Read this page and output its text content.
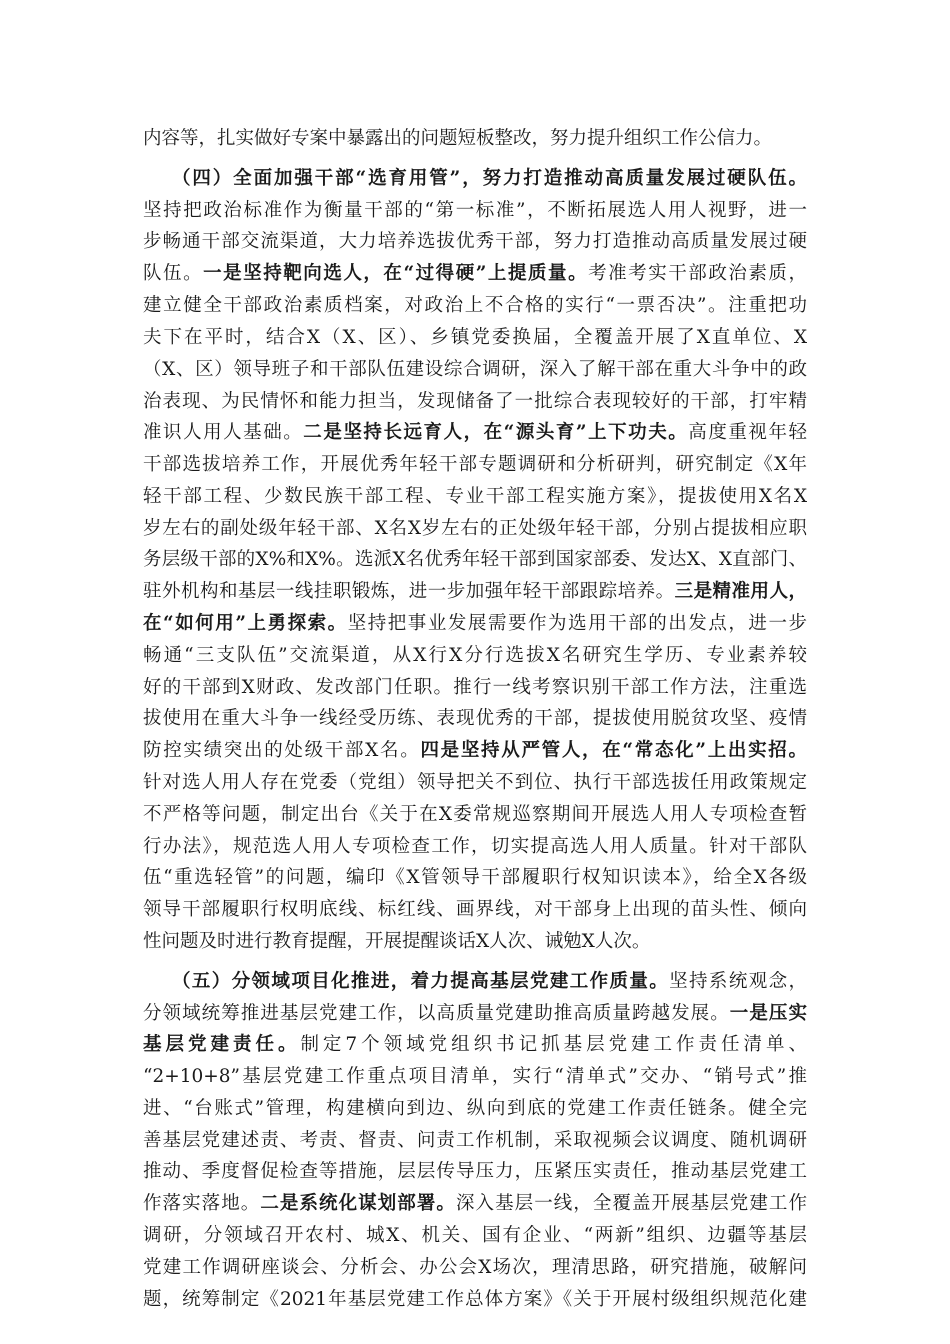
内容等，扎实做好专案中暴露出的问题短板整改，努力提升组织工作公信力。
（四）全面加强干部“选育用管”，努力打造推动高质量发展过硬队伍。
坚持把政治标准作为衡量干部的“第一标准”，不断拓展选人用人视野，进一
步畅通干部交流渠道，大力培养选拔优秀干部，努力打造推动高质量发展过硬
队伍。一是坚持靶向选人，在“过得硬”上提质量。考准考实干部政治素质，
建立健全干部政治素质档案，对政治上不合格的实行“一票否决”。注重把功
夫下在平时，结合X（X、区）、乡镇党委换届，全覆盖开展了X直单位、X
（X、区）领导班子和干部队伍建设综合调研，深入了解干部在重大斗争中的政
治表现、为民情怀和能力担当，发现储备了一批综合表现较好的干部，打牢精
准识人用人基础。二是坚持长远育人，在“源头育”上下功夫。高度重视年轻
干部选拔培养工作，开展优秀年轻干部专题调研和分析研判，研究制定《X年
轻干部工程、少数民族干部工程、专业干部工程实施方案》，提拔使用X名X
岁左右的副处级年轻干部、X名X岁左右的正处级年轻干部，分别占提拔相应职
务层级干部的X%和X%。选派X名优秀年轻干部到国家部委、发达X、X直部门、
驻外机构和基层一线挂职锻炼，进一步加强年轻干部跟踪培养。三是精准用人，
在“如何用”上勇探索。坚持把事业发展需要作为选用干部的出发点，进一步
畅通“三支队伍”交流渠道，从X行X分行选拔X名研究生学历、专业素养较
好的干部到X财政、发改部门任职。推行一线考察识别干部工作方法，注重选
拔使用在重大斗争一线经受历练、表现优秀的干部，提拔使用脱贫攻坚、疫情
防控实绩突出的处级干部X名。四是坚持从严管人，在“常态化”上出实招。
针对选人用人存在党委（党组）领导把关不到位、执行干部选拔任用政策规定
不严格等问题，制定出台《关于在X委常规巡察期间开展选人用人专项检查暂
行办法》，规范选人用人专项检查工作，切实提高选人用人质量。针对干部队
伍“重选轻管”的问题，编印《X管领导干部履职行权知识读本》，给全X各级
领导干部履职行权明底线、标红线、画界线，对干部身上出现的苗头性、倾向
性问题及时进行教育提醒，开展提醒谈话X人次、诫勉X人次。
（五）分领域项目化推进，着力提高基层党建工作质量。坚持系统观念，
分领域统筹推进基层党建工作，以高质量党建助推高质量跨越发展。一是压实
基层党建责任。制定7个领域党组织书记抓基层党建工作责任清单、
“2+10+8”基层党建工作重点项目清单，实行“清单式”交办、“销号式”推
进、“台账式”管理，构建横向到边、纵向到底的党建工作责任链条。健全完
善基层党建述责、考责、督责、问责工作机制，采取视频会议调度、随机调研
推动、季度督促检查等措施，层层传导压力，压紧压实责任，推动基层党建工
作落实落地。二是系统化谋划部署。深入基层一线，全覆盖开展基层党建工作
调研，分领域召开农村、城X、机关、国有企业、“两新”组织、边疆等基层
党建工作调研座谈会、分析会、办公会X场次，理清思路，研究措施，破解问
题，统筹制定《2021年基层党建工作总体方案》《关于开展村级组织规范化建
